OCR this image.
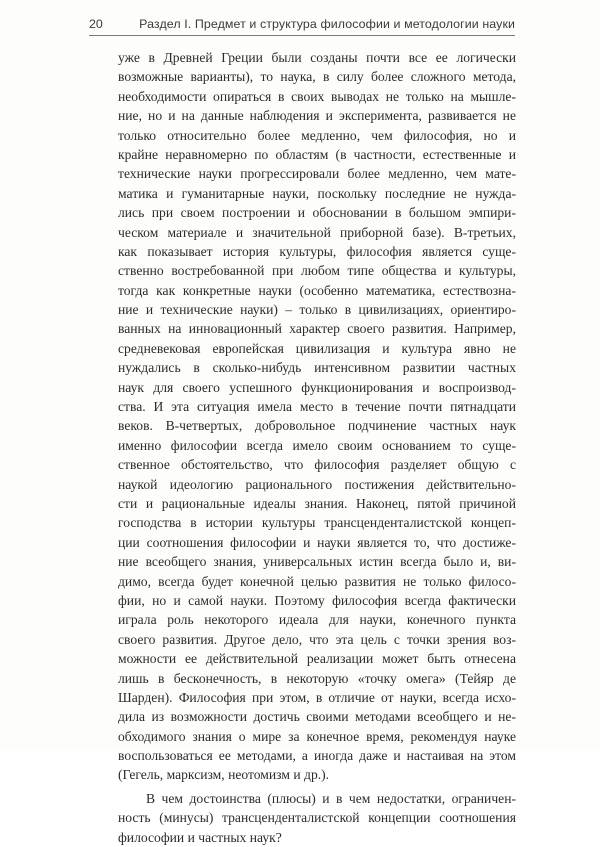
20	Раздел I. Предмет и структура философии и методологии науки
уже в Древней Греции были созданы почти все ее логически
возможные варианты), то наука, в силу более сложного метода,
необходимости опираться в своих выводах не только на мышле-
ние, но и на данные наблюдения и эксперимента, развивается не
только относительно более медленно, чем философия, но и
крайне неравномерно по областям (в частности, естественные и
технические науки прогрессировали более медленно, чем мате-
матика и гуманитарные науки, поскольку последние не нужда-
лись при своем построении и обосновании в большом эмпири-
ческом материале и значительной приборной базе). В-третьих,
как показывает история культуры, философия является суще-
ственно востребованной при любом типе общества и культуры,
тогда как конкретные науки (особенно математика, естествозна-
ние и технические науки) – только в цивилизациях, ориентиро-
ванных на инновационный характер своего развития. Например,
средневековая европейская цивилизация и культура явно не
нуждались в сколько-нибудь интенсивном развитии частных
наук для своего успешного функционирования и воспроизвод-
ства. И эта ситуация имела место в течение почти пятнадцати
веков. В-четвертых, добровольное подчинение частных наук
именно философии всегда имело своим основанием то суще-
ственное обстоятельство, что философия разделяет общую с
наукой идеологию рационального постижения действительно-
сти и рациональные идеалы знания. Наконец, пятой причиной
господства в истории культуры трансценденталистской концеп-
ции соотношения философии и науки является то, что достиже-
ние всеобщего знания, универсальных истин всегда было и, ви-
димо, всегда будет конечной целью развития не только филосо-
фии, но и самой науки. Поэтому философия всегда фактически
играла роль некоторого идеала для науки, конечного пункта
своего развития. Другое дело, что эта цель с точки зрения воз-
можности ее действительной реализации может быть отнесена
лишь в бесконечность, в некоторую «точку омега» (Тейяр де
Шарден). Философия при этом, в отличие от науки, всегда исхо-
дила из возможности достичь своими методами всеобщего и не-
обходимого знания о мире за конечное время, рекомендуя науке
воспользоваться ее методами, а иногда даже и настаивая на этом
(Гегель, марксизм, неотомизм и др.).
В чем достоинства (плюсы) и в чем недостатки, ограничен-
ность (минусы) трансценденталистской концепции соотношения
философии и частных наук?
